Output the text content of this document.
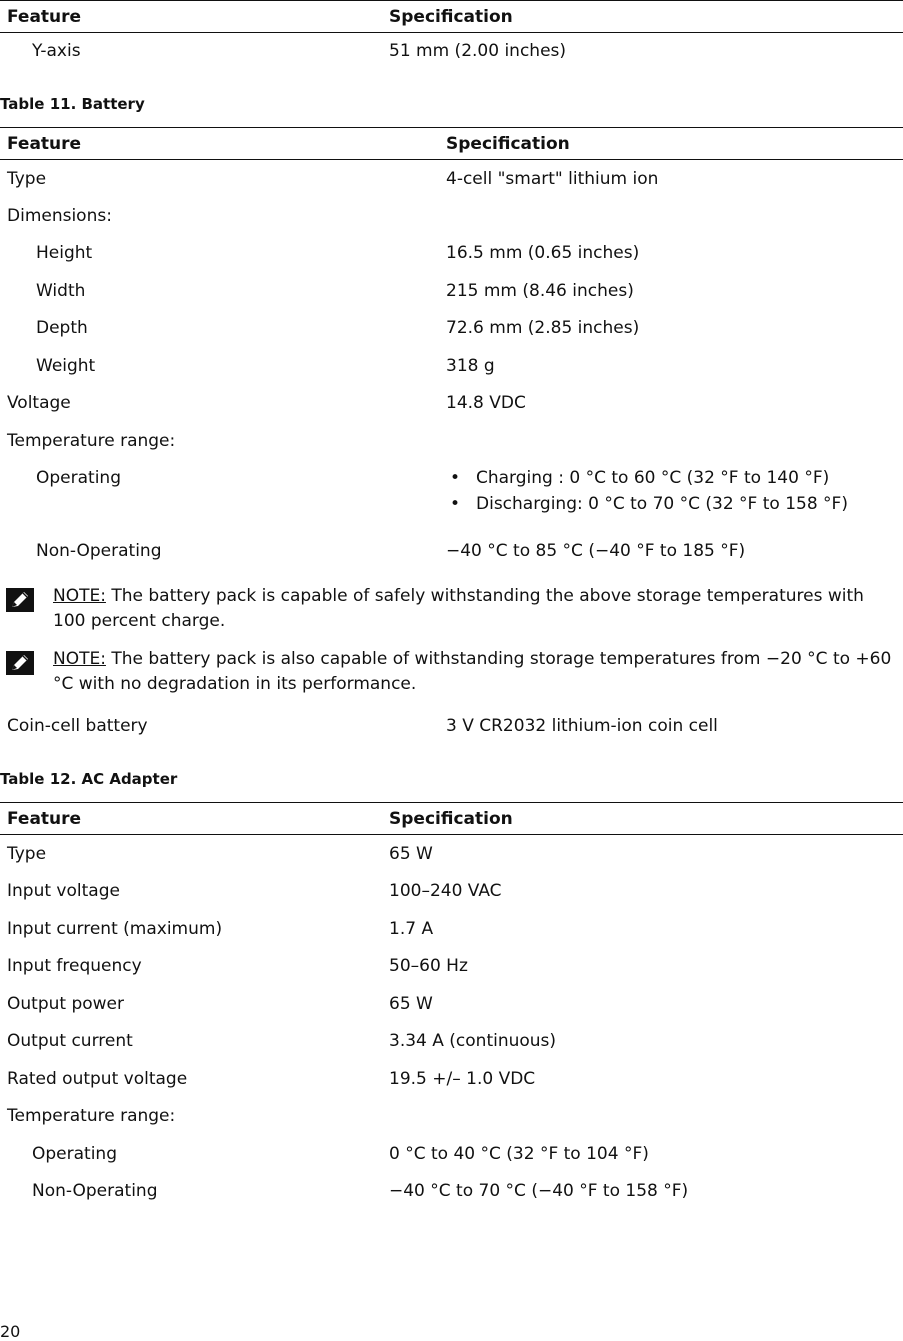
Feature	Specification
Y-axis	51 mm (2.00 inches)
Table 11. Battery
Feature	Specification
Type	4-cell "smart" lithium ion
Dimensions:
Height	16.5 mm (0.65 inches)
Width	215 mm (8.46 inches)
Depth	72.6 mm (2.85 inches)
Weight	318 g
Voltage	14.8 VDC
Temperature range:
Operating
•	Charging : 0 °C to 60 °C (32 °F to 140 °F)
• Discharging: 0 °C to 70 °C (32 °F to 158 °F)
Non-Operating	−40 °C to 85 °C (−40 °F to 185 °F)
NOTE: The battery pack is capable of safely withstanding the above storage temperatures with 100 percent charge.
NOTE: The battery pack is also capable of withstanding storage temperatures from −20 °C to +60 °C with no degradation in its performance.
Coin-cell battery	3 V CR2032 lithium-ion coin cell
Table 12. AC Adapter
Feature	Specification
Type	65 W
Input voltage	100–240 VAC
Input current (maximum)	1.7 A
Input frequency	50–60 Hz
Output power	65 W
Output current	3.34 A (continuous)
Rated output voltage	19.5 +/– 1.0 VDC
Temperature range:
Operating	0 °C to 40 °C (32 °F to 104 °F)
Non-Operating	−40 °C to 70 °C (−40 °F to 158 °F)
20
